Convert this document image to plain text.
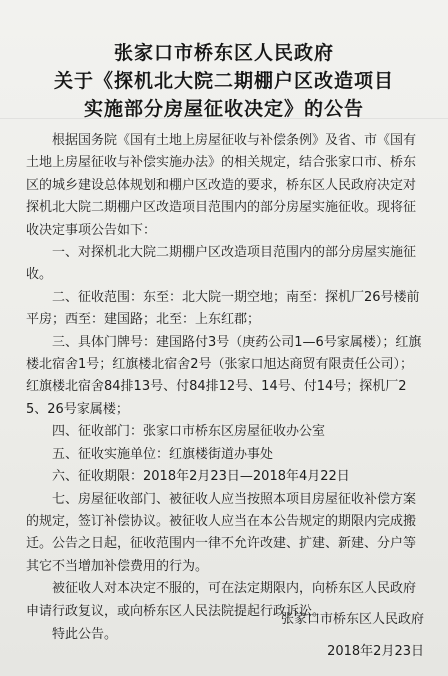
张家口市桥东区人民政府
关于《探机北大院二期棚户区改造项目
实施部分房屋征收决定》的公告

根据国务院《国有土地上房屋征收与补偿条例》及省、市《国有土地上房屋征收与补偿实施办法》的相关规定，结合张家口市、桥东区的城乡建设总体规划和棚户区改造的要求，桥东区人民政府决定对探机北大院二期棚户区改造项目范围内的部分房屋实施征收。现将征收决定事项公告如下：

一、对探机北大院二期棚户区改造项目范围内的部分房屋实施征收。

二、征收范围：东至：北大院一期空地；南至：探机厂26号楼前平房；西至：建国路；北至：上东红郡；

三、具体门牌号：建国路付3号（庚药公司1—6号家属楼）；红旗楼北宿舍1号；红旗楼北宿舍2号（张家口旭达商贸有限责任公司）；红旗楼北宿舍84排13号、付84排12号、14号、付14号；探机厂25、26号家属楼；

四、征收部门：张家口市桥东区房屋征收办公室

五、征收实施单位：红旗楼街道办事处

六、征收期限：2018年2月23日—2018年4月22日

七、房屋征收部门、被征收人应当按照本项目房屋征收补偿方案的规定，签订补偿协议。被征收人应当在本公告规定的期限内完成搬迁。公告之日起，征收范围内一律不允许改建、扩建、新建、分户等其它不当增加补偿费用的行为。

被征收人对本决定不服的，可在法定期限内，向桥东区人民政府申请行政复议，或向桥东区人民法院提起行政诉讼。

特此公告。

张家口市桥东区人民政府
2018年2月23日
